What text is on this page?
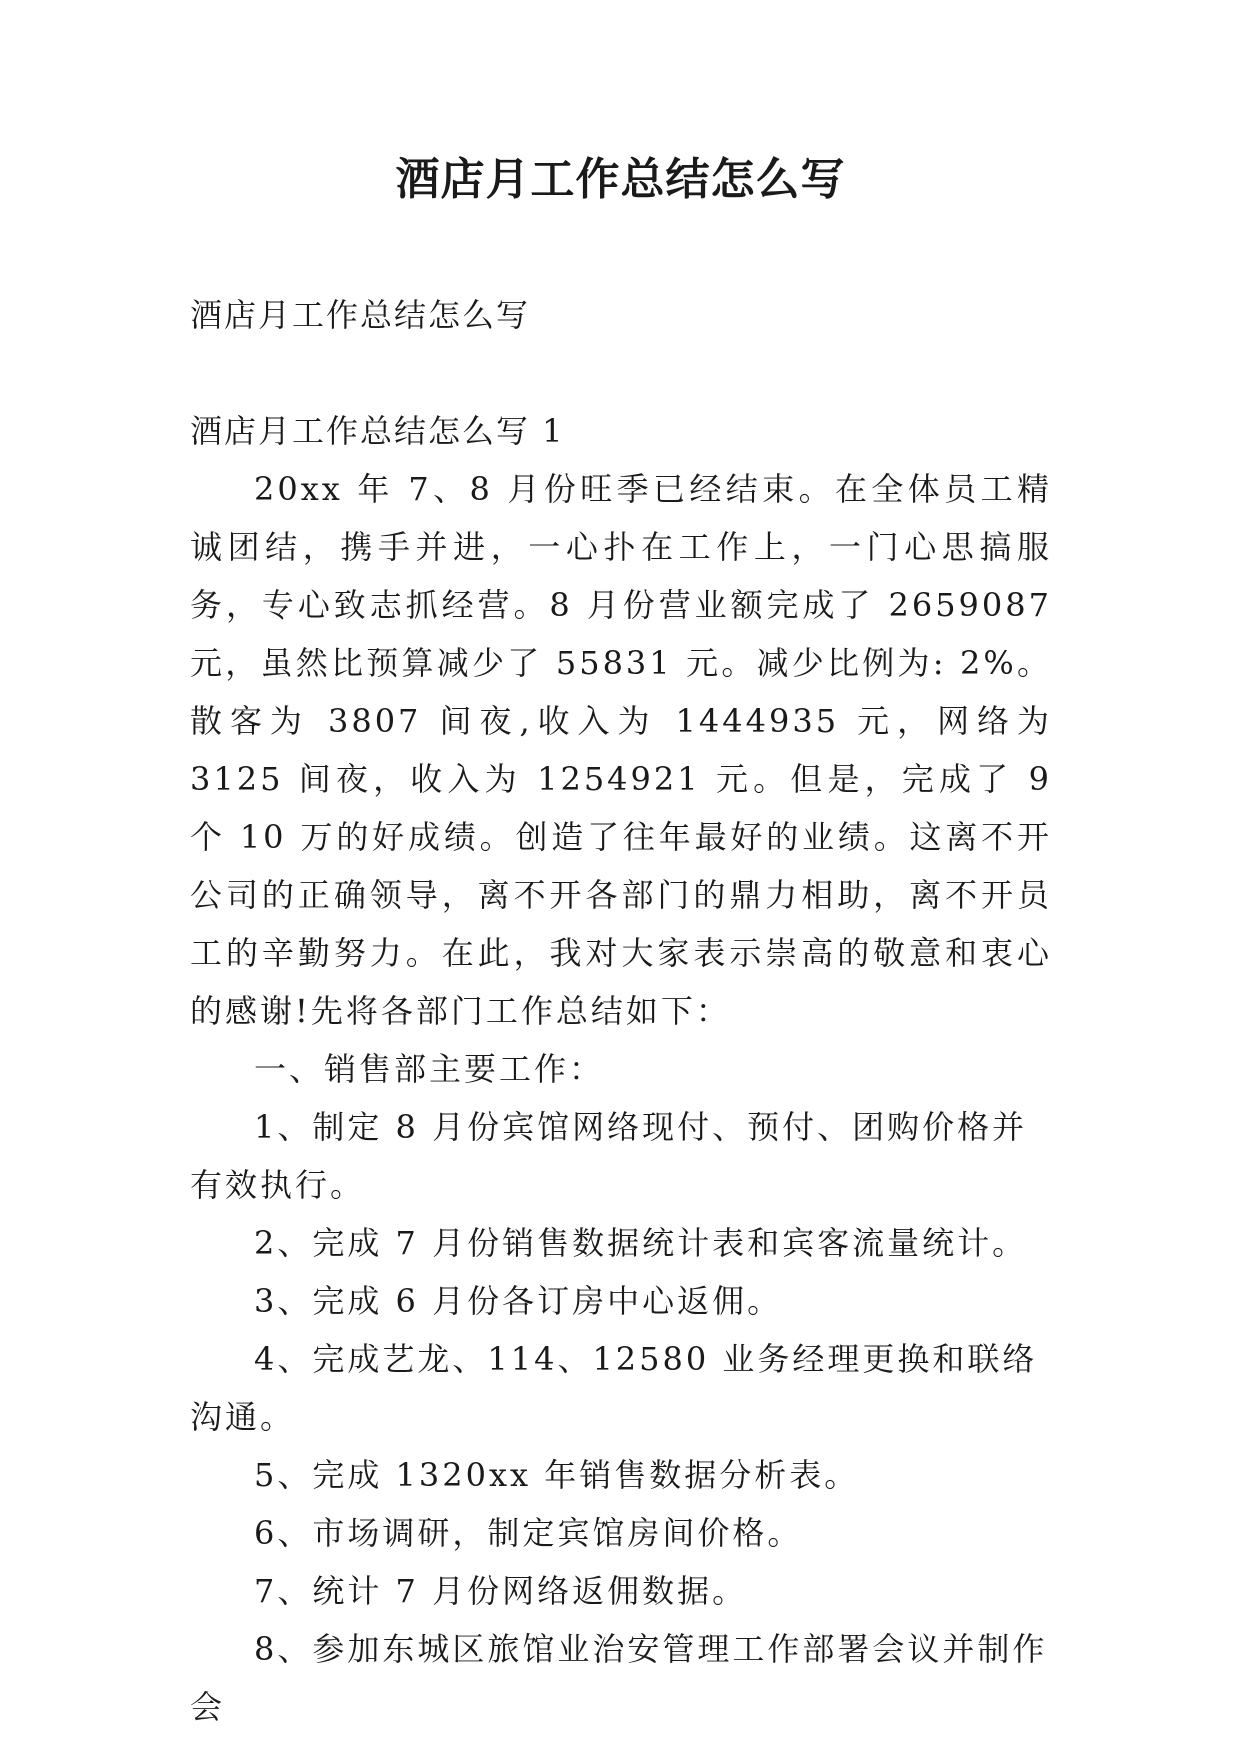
酒店月工作总结怎么写

酒店月工作总结怎么写

酒店月工作总结怎么写 1

20xx 年 7、8 月份旺季已经结束。在全体员工精诚团结，携手并进，一心扑在工作上，一门心思搞服务，专心致志抓经营。8 月份营业额完成了 2659087 元，虽然比预算减少了 55831 元。减少比例为: 2%。散客为 3807 间夜,收入为 1444935 元，网络为 3125 间夜，收入为 1254921 元。但是，完成了 9 个 10 万的好成绩。创造了往年最好的业绩。这离不开公司的正确领导，离不开各部门的鼎力相助，离不开员工的辛勤努力。在此，我对大家表示崇高的敬意和衷心的感谢!先将各部门工作总结如下：

一、销售部主要工作：

1、制定 8 月份宾馆网络现付、预付、团购价格并有效执行。

2、完成 7 月份销售数据统计表和宾客流量统计。

3、完成 6 月份各订房中心返佣。

4、完成艺龙、114、12580 业务经理更换和联络沟通。

5、完成 1320xx 年销售数据分析表。

6、市场调研，制定宾馆房间价格。

7、统计 7 月份网络返佣数据。

8、参加东城区旅馆业治安管理工作部署会议并制作会
